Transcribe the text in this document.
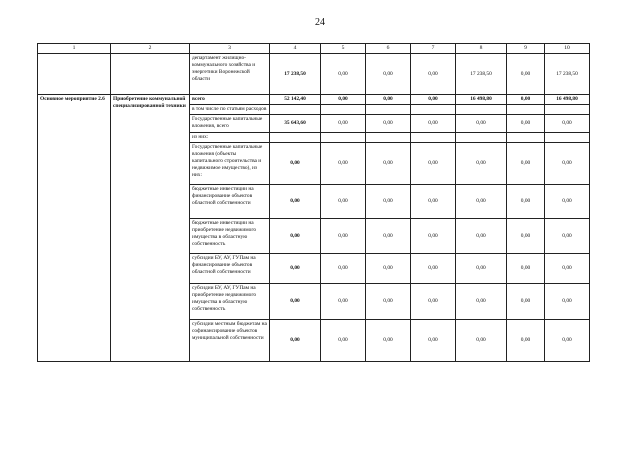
24
1	2	3	4	5	6	7	8	9	10
		департамент жилищно-коммунального хозяйства и энергетики Воронежской области	17 238,50	0,00	0,00	0,00	17 238,50	0,00	17 238,50
Основное мероприятие 2.6	Приобретение коммунальной специализированной техники	всего	52 142,40	0,00	0,00	0,00	16 498,80	0,00	16 498,80
		в том числе по статьям расходов							
		Государственные капитальные вложения, всего	35 643,60	0,00	0,00	0,00	0,00	0,00	0,00
		из них:							
		Государственные капитальные вложения (объекты капитального строительства и недвижимое имущество), из них:	0,00	0,00	0,00	0,00	0,00	0,00	0,00
		бюджетные инвестиции на финансирование объектов областной собственности	0,00	0,00	0,00	0,00	0,00	0,00	0,00
		бюджетные инвестиции на приобретение недвижимого имущества в областную собственность	0,00	0,00	0,00	0,00	0,00	0,00	0,00
		субсидии БУ, АУ, ГУПам на финансирование объектов областной собственности	0,00	0,00	0,00	0,00	0,00	0,00	0,00
		субсидии БУ, АУ, ГУПам на приобретение недвижимого имущества в областную собственность	0,00	0,00	0,00	0,00	0,00	0,00	0,00
		субсидии местным бюджетам на софинансирование объектов муниципальной собственности	0,00	0,00	0,00	0,00	0,00	0,00	0,00
